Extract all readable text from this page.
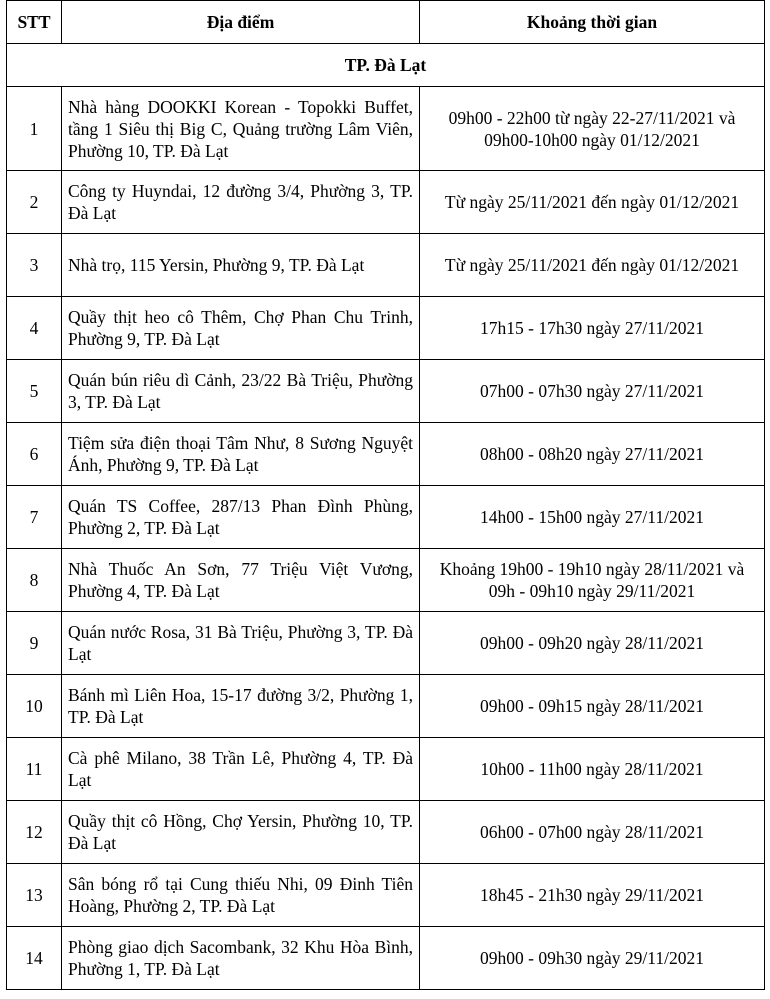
STT	Địa điểm	Khoảng thời gian
TP. Đà Lạt		
1	Nhà hàng DOOKKI Korean - Topokki Buffet, tầng 1 Siêu thị Big C, Quảng trường Lâm Viên, Phường 10, TP. Đà Lạt	09h00 - 22h00 từ ngày 22-27/11/2021 và 09h00-10h00 ngày 01/12/2021
2	Công ty Huyndai, 12 đường 3/4, Phường 3, TP. Đà Lạt	Từ ngày 25/11/2021 đến ngày 01/12/2021
3	Nhà trọ, 115 Yersin, Phường 9, TP. Đà Lạt	Từ ngày 25/11/2021 đến ngày 01/12/2021
4	Quầy thịt heo cô Thêm, Chợ Phan Chu Trinh, Phường 9, TP. Đà Lạt	17h15 - 17h30 ngày 27/11/2021
5	Quán bún riêu dì Cảnh, 23/22 Bà Triệu, Phường 3, TP. Đà Lạt	07h00 - 07h30 ngày 27/11/2021
6	Tiệm sửa điện thoại Tâm Như, 8 Sương Nguyệt Ánh, Phường 9, TP. Đà Lạt	08h00 - 08h20 ngày 27/11/2021
7	Quán TS Coffee, 287/13 Phan Đình Phùng, Phường 2, TP. Đà Lạt	14h00 - 15h00 ngày 27/11/2021
8	Nhà Thuốc An Sơn, 77 Triệu Việt Vương, Phường 4, TP. Đà Lạt	Khoảng 19h00 - 19h10 ngày 28/11/2021 và 09h - 09h10 ngày 29/11/2021
9	Quán nước Rosa, 31 Bà Triệu, Phường 3, TP. Đà Lạt	09h00 - 09h20 ngày 28/11/2021
10	Bánh mì Liên Hoa, 15-17 đường 3/2, Phường 1, TP. Đà Lạt	09h00 - 09h15 ngày 28/11/2021
11	Cà phê Milano, 38 Trần Lê, Phường 4, TP. Đà Lạt	10h00 - 11h00 ngày 28/11/2021
12	Quầy thịt cô Hồng, Chợ Yersin, Phường 10, TP. Đà Lạt	06h00 - 07h00 ngày 28/11/2021
13	Sân bóng rổ tại Cung thiếu Nhi, 09 Đinh Tiên Hoàng, Phường 2, TP. Đà Lạt	18h45 - 21h30 ngày 29/11/2021
14	Phòng giao dịch Sacombank, 32 Khu Hòa Bình, Phường 1, TP. Đà Lạt	09h00 - 09h30 ngày 29/11/2021
